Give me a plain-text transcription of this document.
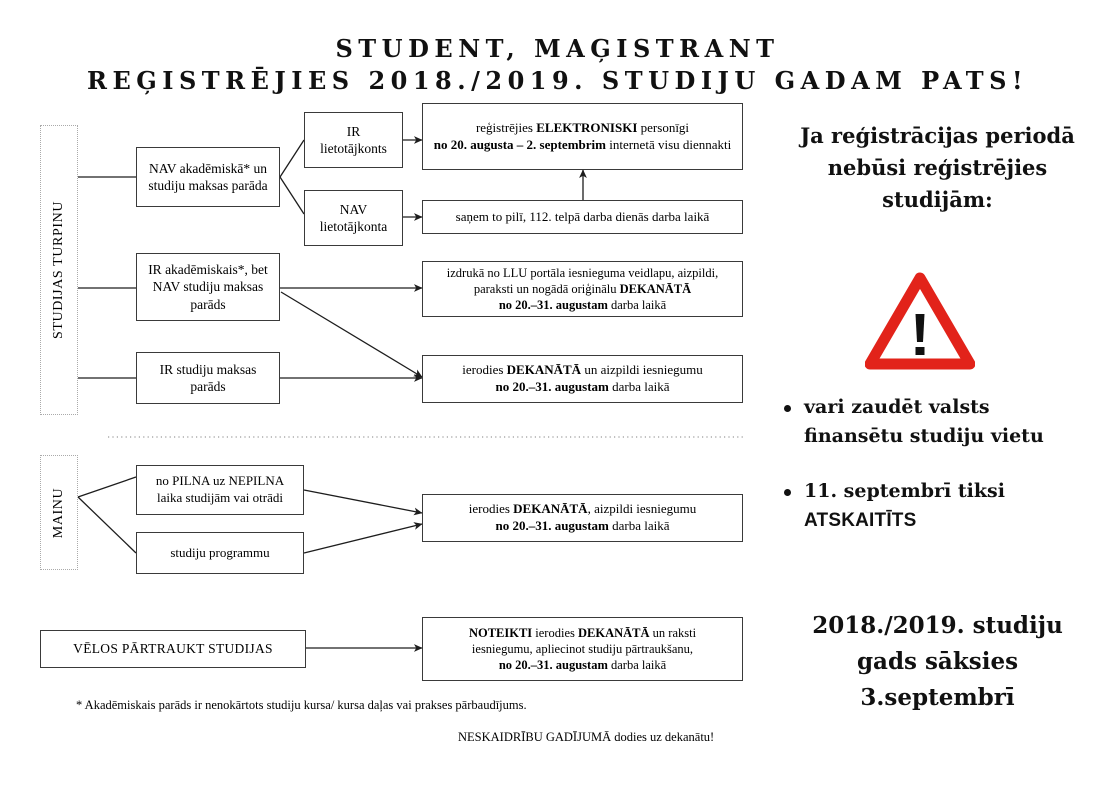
STUDENT, MAĢISTRANT
REĢISTRĒJIES 2018./2019. STUDIJU GADAM PATS!
STUDIJAS TURPINU
MAINU
NAV akadēmiskā* un studiju maksas parāda
IR
lietotājkonts
NAV
lietotājkonta
IR akadēmiskais*, bet NAV studiju maksas parāds
IR studiju maksas parāds
reģistrējies ELEKTRONISKI personīgi
no 20. augusta – 2. septembrim internetā visu diennakti
saņem to pilī, 112. telpā darba dienās darba laikā
izdrukā no LLU portāla iesnieguma veidlapu, aizpildi,
paraksti un nogādā oriģinālu DEKANĀTĀ
no 20.–31. augustam darba laikā
ierodies DEKANĀTĀ un aizpildi iesniegumu
no 20.–31. augustam darba laikā
no PILNA uz NEPILNA laika studijām vai otrādi
studiju programmu
ierodies DEKANĀTĀ, aizpildi iesniegumu
no 20.–31. augustam darba laikā
VĒLOS PĀRTRAUKT STUDIJAS
NOTEIKTI ierodies DEKANĀTĀ un raksti
iesniegumu, apliecinot studiju pārtraukšanu,
no 20.–31. augustam darba laikā
* Akadēmiskais parāds ir nenokārtots studiju kursa/ kursa daļas vai prakses pārbaudījums.
NESKAIDRĪBU GADĪJUMĀ dodies uz dekanātu!
Ja reģistrācijas periodā
nebūsi reģistrējies
studijām:
vari zaudēt valsts
finansētu studiju vietu
11. septembrī tiksi
ATSKAITĪTS
2018./2019. studiju
gads sāksies
3.septembrī
